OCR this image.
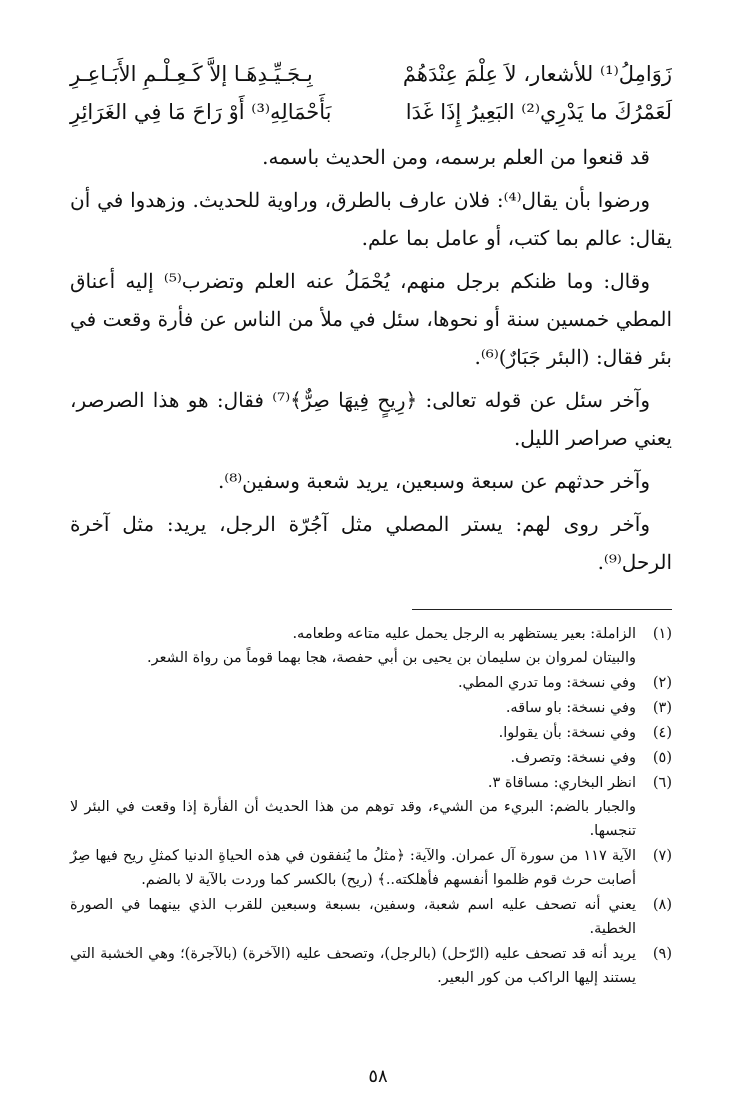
زَوَامِلُ⁽¹⁾ للأشعار، لاَ عِلْمَ عِنْدَهُمْ
بِـجَـيِّـدِهَـا إلاَّ كَـعِـلْـمِ الأَبَـاعِـرِ
لَعَمْرُكَ ما يَدْرِي⁽²⁾ البَعِيرُ إِذَا غَدَا
بَأَحْمَالِهِ⁽³⁾ أَوْ رَاحَ مَا فِي الغَرَائِرِ

قد قنعوا من العلم برسمه، ومن الحديث باسمه.

ورضوا بأن يقال⁽⁴⁾: فلان عارف بالطرق، وراوية للحديث. وزهدوا في أن يقال: عالم بما كتب، أو عامل بما علم.

وقال: وما ظنكم برجل منهم، يُحْمَلُ عنه العلم وتضرب⁽⁵⁾ إليه أعناق المطي خمسين سنة أو نحوها، سئل في ملأ من الناس عن فأرة وقعت في بئر فقال: (البئر جَبَارٌ)⁽⁶⁾.

وآخر سئل عن قوله تعالى: ﴿رِيحٍ فِيهَا صِرٌّ﴾⁽⁷⁾ فقال: هو هذا الصرصر، يعني صراصر الليل.

وآخر حدثهم عن سبعة وسبعين، يريد شعبة وسفين⁽⁸⁾.

وآخر روى لهم: يستر المصلي مثل آجُرّة الرجل، يريد: مثل آخرة الرحل⁽⁹⁾.

(١)
الزاملة: بعير يستظهر به الرجل يحمل عليه متاعه وطعامه.
والبيتان لمروان بن سليمان بن يحيى بن أبي حفصة، هجا بهما قوماً من رواة الشعر.
(٢)
وفي نسخة: وما تدري المطي.
(٣)
وفي نسخة: باو ساقه.
(٤)
وفي نسخة: بأن يقولوا.
(٥)
وفي نسخة: وتصرف.
(٦)
انظر البخاري: مساقاة ٣.
والجبار بالضم: البريء من الشيء، وقد توهم من هذا الحديث أن الفأرة إذا وقعت في البئر لا تنجسها.
(٧)
الآية ١١٧ من سورة آل عمران. والآية: ﴿مثلُ ما يُنفقون في هذه الحياةِ الدنيا كمثلِ ريح فيها صِرٌ أصابت حرث قوم ظلموا أنفسهم فأهلكته..﴾ (ريح) بالكسر كما وردت بالآية لا بالضم.
(٨)
يعني أنه تصحف عليه اسم شعبة، وسفين، بسبعة وسبعين للقرب الذي بينهما في الصورة الخطية.
(٩)
يريد أنه قد تصحف عليه (الرّحل) (بالرجل)، وتصحف عليه (الآخرة) (بالآجرة)؛ وهي الخشبة التي يستند إليها الراكب من كور البعير.
٥٨
